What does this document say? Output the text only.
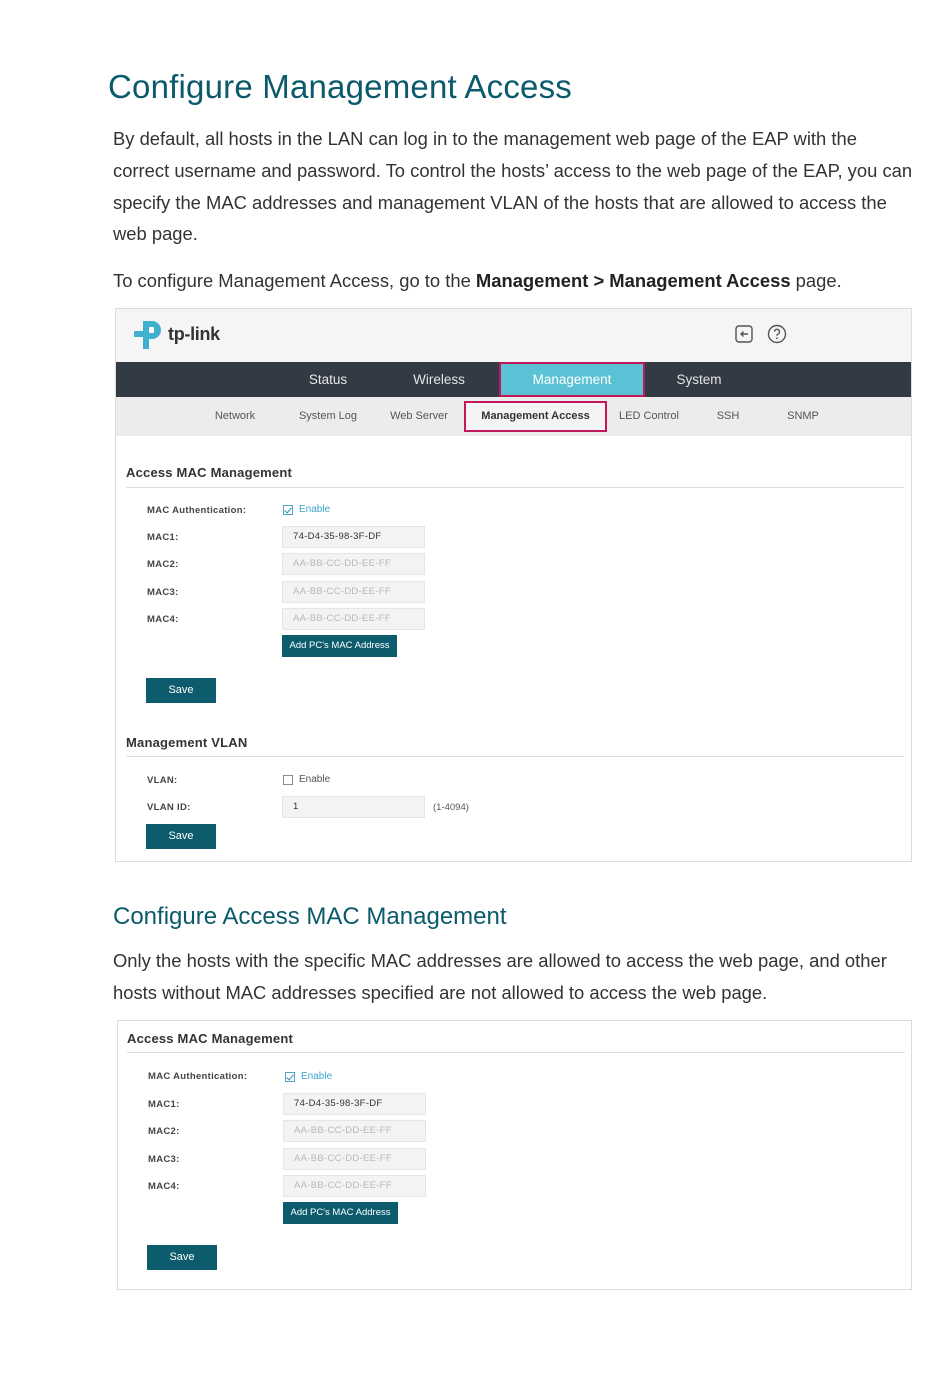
Configure Management Access

By default, all hosts in the LAN can log in to the management web page of the EAP with the correct username and password. To control the hosts’ access to the web page of the EAP, you can specify the MAC addresses and management VLAN of the hosts that are allowed to access the web page.

To configure Management Access, go to the Management > Management Access page.

tp-link
Status	Wireless	Management	System
Network	System Log	Web Server	Management Access	LED Control	SSH	SNMP
Access MAC Management
MAC Authentication:	Enable
MAC1:	74-D4-35-98-3F-DF
MAC2:	AA-BB-CC-DD-EE-FF
MAC3:	AA-BB-CC-DD-EE-FF
MAC4:	AA-BB-CC-DD-EE-FF
Add PC's MAC Address
Save
Management VLAN
VLAN:	Enable
VLAN ID:	1	(1-4094)
Save
Configure Access MAC Management

Only the hosts with the specific MAC addresses are allowed to access the web page, and other hosts without MAC addresses specified are not allowed to access the web page.

Access MAC Management
MAC Authentication:	Enable
MAC1:	74-D4-35-98-3F-DF
MAC2:	AA-BB-CC-DD-EE-FF
MAC3:	AA-BB-CC-DD-EE-FF
MAC4:	AA-BB-CC-DD-EE-FF
Add PC's MAC Address
Save
